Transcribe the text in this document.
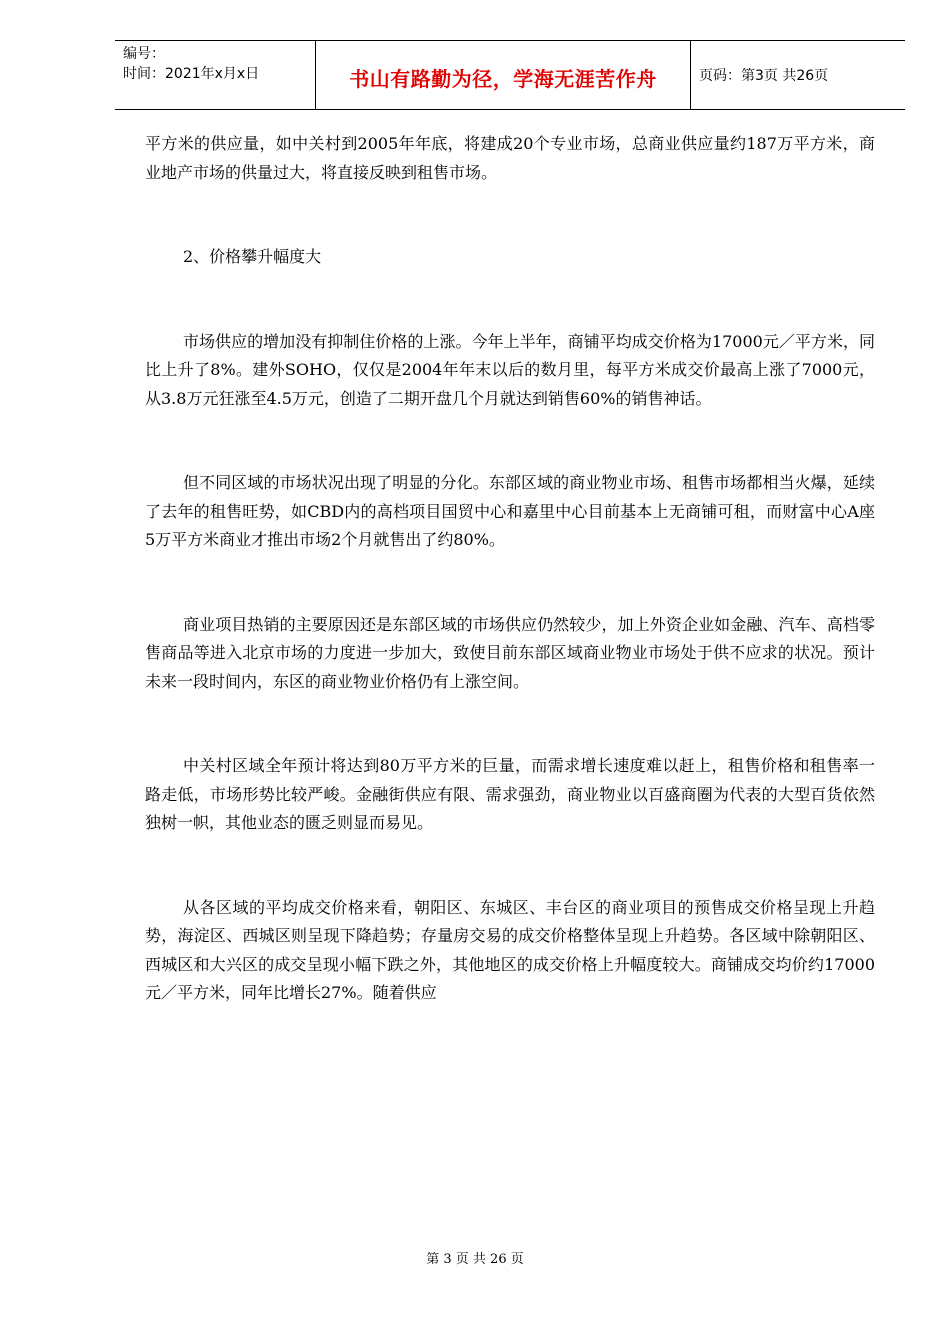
编号：
时间：2021年x月x日	书山有路勤为径，学海无涯苦作舟	页码：第3页 共26页

平方米的供应量，如中关村到2005年年底，将建成20个专业市场，总商业供应量约187万平方米，商业地产市场的供量过大，将直接反映到租售市场。

2、价格攀升幅度大

市场供应的增加没有抑制住价格的上涨。今年上半年，商铺平均成交价格为17000元／平方米，同比上升了8%。建外SOHO，仅仅是2004年年末以后的数月里，每平方米成交价最高上涨了7000元，从3.8万元狂涨至4.5万元，创造了二期开盘几个月就达到销售60%的销售神话。

但不同区域的市场状况出现了明显的分化。东部区域的商业物业市场、租售市场都相当火爆，延续了去年的租售旺势，如CBD内的高档项目国贸中心和嘉里中心目前基本上无商铺可租，而财富中心A座5万平方米商业才推出市场2个月就售出了约80%。

商业项目热销的主要原因还是东部区域的市场供应仍然较少，加上外资企业如金融、汽车、高档零售商品等进入北京市场的力度进一步加大，致使目前东部区域商业物业市场处于供不应求的状况。预计未来一段时间内，东区的商业物业价格仍有上涨空间。

中关村区域全年预计将达到80万平方米的巨量，而需求增长速度难以赶上，租售价格和租售率一路走低，市场形势比较严峻。金融街供应有限、需求强劲，商业物业以百盛商圈为代表的大型百货依然独树一帜，其他业态的匮乏则显而易见。

从各区域的平均成交价格来看，朝阳区、东城区、丰台区的商业项目的预售成交价格呈现上升趋势，海淀区、西城区则呈现下降趋势；存量房交易的成交价格整体呈现上升趋势。各区域中除朝阳区、西城区和大兴区的成交呈现小幅下跌之外，其他地区的成交价格上升幅度较大。商铺成交均价约17000元／平方米，同年比增长27%。随着供应

第 3 页 共 26 页
